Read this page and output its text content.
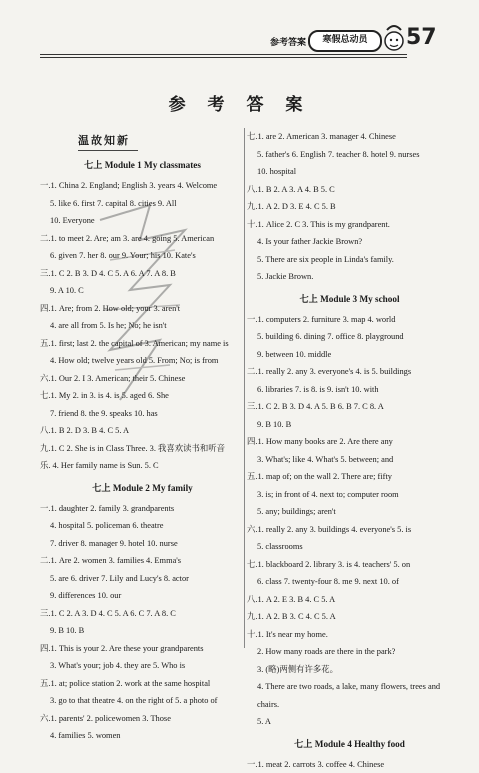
参考答案	寒假总动员	57
参 考 答 案
温故知新
七上 Module 1 My classmates
一.1. China 2. England; English 3. years 4. Welcome
5. like 6. first 7. capital 8. cities 9. All
10. Everyone
二.1. to meet 2. Are; am 3. are 4. going 5. American
6. given 7. her 8. our 9. Your; his 10. Kate's
三.1. C 2. B 3. D 4. C 5. A 6. A 7. A 8. B
9. A 10. C
四.1. Are; from 2. How old; your 3. aren't
4. are all from 5. Is he; No; he isn't
五.1. first; last 2. the capital of 3. American; my name is
4. How old; twelve years old 5. From; No; is from
六.1. Our 2. I 3. American; their 5. Chinese
七.1. My 2. in 3. is 4. is 5. aged 6. She
7. friend 8. the 9. speaks 10. has
八.1. B 2. D 3. B 4. C 5. A
九.1. C 2. She is in Class Three. 3. 我喜欢读书和听音
乐. 4. Her family name is Sun. 5. C
七上 Module 2 My family
一.1. daughter 2. family 3. grandparents
4. hospital 5. policeman 6. theatre
7. driver 8. manager 9. hotel 10. nurse
二.1. Are 2. women 3. families 4. Emma's
5. are 6. driver 7. Lily and Lucy's 8. actor
9. differences 10. our
三.1. C 2. A 3. D 4. C 5. A 6. C 7. A 8. C
9. B 10. B
四.1. This is your 2. Are these your grandparents
3. What's your; job 4. they are 5. Who is
五.1. at; police station 2. work at the same hospital
3. go to that theatre 4. on the right of 5. a photo of
六.1. parents' 2. policewomen 3. Those
4. families 5. women
七.1. are 2. American 3. manager 4. Chinese
5. father's 6. English 7. teacher 8. hotel 9. nurses
10. hospital
八.1. B 2. A 3. A 4. B 5. C
九.1. A 2. D 3. E 4. C 5. B
十.1. Alice 2. C 3. This is my grandparent.
4. Is your father Jackie Brown?
5. There are six people in Linda's family.
5. Jackie Brown.
七上 Module 3 My school
一.1. computers 2. furniture 3. map 4. world
5. building 6. dining 7. office 8. playground
9. between 10. middle
二.1. really 2. any 3. everyone's 4. is 5. buildings
6. libraries 7. is 8. is 9. isn't 10. with
三.1. C 2. B 3. D 4. A 5. B 6. B 7. C 8. A
9. B 10. B
四.1. How many books are 2. Are there any
3. What's; like 4. What's 5. between; and
五.1. map of; on the wall 2. There are; fifty
3. is; in front of 4. next to; computer room
5. any; buildings; aren't
六.1. really 2. any 3. buildings 4. everyone's 5. is
5. classrooms
七.1. blackboard 2. library 3. is 4. teachers' 5. on
6. class 7. twenty-four 8. me 9. next 10. of
八.1. A 2. E 3. B 4. C 5. A
九.1. A 2. B 3. C 4. C 5. A
十.1. It's near my home.
2. How many roads are there in the park?
3. (略)两侧有许多花。
4. There are two roads, a lake, many flowers, trees and
chairs.
5. A
七上 Module 4 Healthy food
一.1. meat 2. carrots 3. coffee 4. Chinese
